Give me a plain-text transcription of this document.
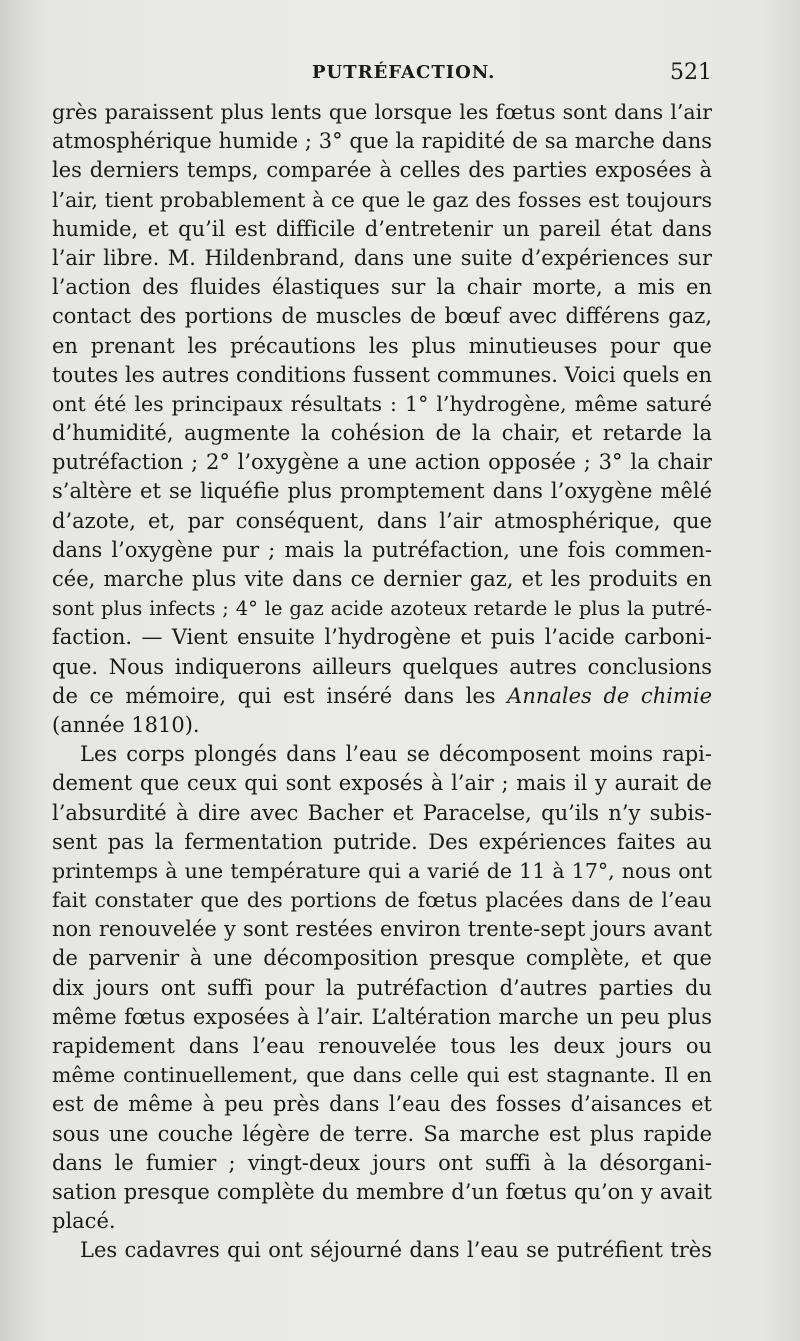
PUTRÉFACTION.	521
grès paraissent plus lents que lorsque les fœtus sont dans l’air
atmosphérique humide ; 3° que la rapidité de sa marche dans
les derniers temps, comparée à celles des parties exposées à
l’air, tient probablement à ce que le gaz des fosses est toujours
humide, et qu’il est difficile d’entretenir un pareil état dans
l’air libre. M. Hildenbrand, dans une suite d’expériences sur
l’action des fluides élastiques sur la chair morte, a mis en
contact des portions de muscles de bœuf avec différens gaz,
en prenant les précautions les plus minutieuses pour que
toutes les autres conditions fussent communes. Voici quels en
ont été les principaux résultats : 1° l’hydrogène, même saturé
d’humidité, augmente la cohésion de la chair, et retarde la
putréfaction ; 2° l’oxygène a une action opposée ; 3° la chair
s’altère et se liquéfie plus promptement dans l’oxygène mêlé
d’azote, et, par conséquent, dans l’air atmosphérique, que
dans l’oxygène pur ; mais la putréfaction, une fois commen-
cée, marche plus vite dans ce dernier gaz, et les produits en
sont plus infects ; 4° le gaz acide azoteux retarde le plus la putré-
faction. — Vient ensuite l’hydrogène et puis l’acide carboni-
que. Nous indiquerons ailleurs quelques autres conclusions
de ce mémoire, qui est inséré dans les Annales de chimie
(année 1810).
Les corps plongés dans l’eau se décomposent moins rapi-
dement que ceux qui sont exposés à l’air ; mais il y aurait de
l’absurdité à dire avec Bacher et Paracelse, qu’ils n’y subis-
sent pas la fermentation putride. Des expériences faites au
printemps à une température qui a varié de 11 à 17°, nous ont
fait constater que des portions de fœtus placées dans de l’eau
non renouvelée y sont restées environ trente-sept jours avant
de parvenir à une décomposition presque complète, et que
dix jours ont suffi pour la putréfaction d’autres parties du
même fœtus exposées à l’air. L’altération marche un peu plus
rapidement dans l’eau renouvelée tous les deux jours ou
même continuellement, que dans celle qui est stagnante. Il en
est de même à peu près dans l’eau des fosses d’aisances et
sous une couche légère de terre. Sa marche est plus rapide
dans le fumier ; vingt-deux jours ont suffi à la désorgani-
sation presque complète du membre d’un fœtus qu’on y avait
placé.
Les cadavres qui ont séjourné dans l’eau se putréfient très
